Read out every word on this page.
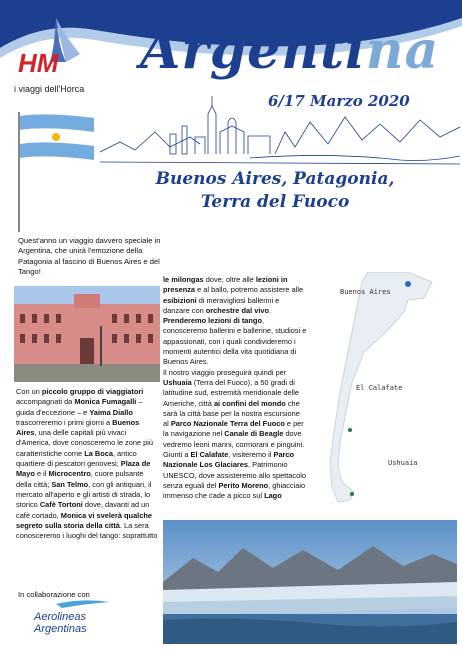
HM
i viaggi dell'Horca
Argentina
6/17 Marzo 2020
Buenos Aires, Patagonia,
Terra del Fuoco
Quest'anno un viaggio davvero speciale in Argentina, che unirà l'emozione della Patagonia al fascino di Buenos Aires e del Tango!
Con un piccolo gruppo di viaggiatori accompagnati da Monica Fumagalli – guida d'eccezione – e Yaima Diallo trascorreremo i primi giorni a Buenos Aires, una delle capitali più vivaci d'America, dove conosceremo le zone più caratteristiche come La Boca, antico quartiere di pescatori genovesi; Plaza de Mayo e il Microcentro, cuore pulsante della città; San Telmo, con gli antiquari, il mercato all'aperto e gli artisti di strada, lo storico Cafè Tortoni dove, davanti ad un cafè cortado, Monica vi svelerà qualche segreto sulla storia della città. La sera conosceremo i luoghi del tango: soprattutto
le milongas dove, oltre alle lezioni in presenza e al ballo, potremo assistere alle esibizioni di meravigliosi ballerini e danzare con orchestre dal vivo. Prenderemo lezioni di tango, conosceremo ballerini e ballerine, studiosi e appassionati, con i quali condivideremo i momenti autentici della vita quotidiana di Buenos Aires.
Il nostro viaggio proseguirà quindi per Ushuaia (Terra del Fuoco), a 50 gradi di latitudine sud, estremità meridionale delle Americhe, città ai confini del mondo che sarà la città base per la nostra escursione al Parco Nazionale Terra del Fuoco e per la navigazione nel Canale di Beagle dove vedremo leoni marini, cormorani e pinguini. Giunti a El Calafate, visiteremo il Parco Nazionale Los Glaciares, Patrimonio UNESCO, dove assisteremo allo spettacolo senza eguali del Perito Moreno, ghiacciaio immenso che cade a picco sul Lago
Buenos Aires
El Calafate
Ushuaia
In collaborazione con
Aerolineas
Argentinas
